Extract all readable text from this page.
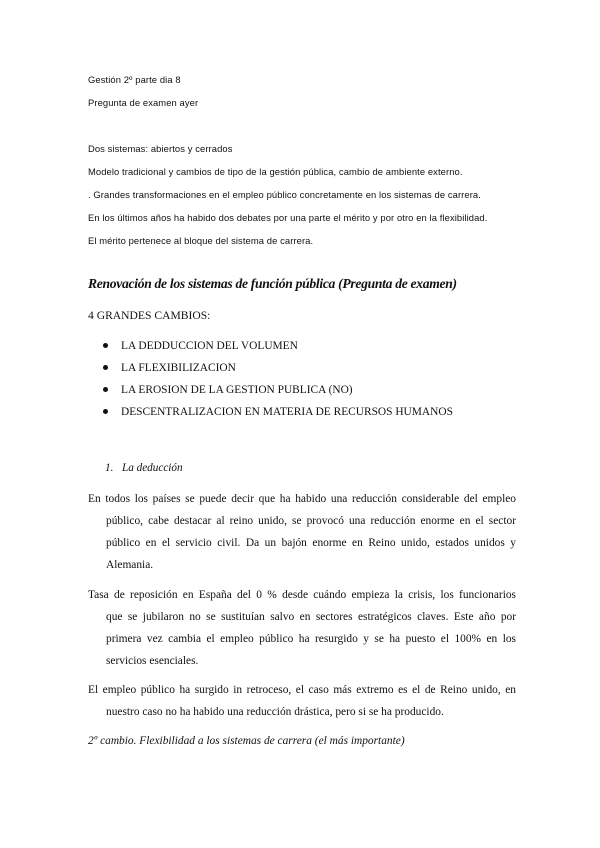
Gestión 2º parte dia 8
Pregunta de examen ayer
Dos sistemas: abiertos y cerrados
Modelo tradicional y cambios de tipo de la gestión pública, cambio de ambiente externo.
. Grandes transformaciones en el empleo público concretamente en los sistemas de carrera.
En los últimos años ha habido dos debates por una parte el mérito y por otro en la flexibilidad.
El mérito pertenece al bloque del sistema de carrera.
Renovación de los sistemas de función pública (Pregunta de examen)
4 GRANDES CAMBIOS:
LA DEDDUCCION DEL VOLUMEN
LA FLEXIBILIZACION
LA EROSION DE LA GESTION PUBLICA (NO)
DESCENTRALIZACION EN MATERIA DE RECURSOS HUMANOS
1. La deducción
En todos los países se puede decir que ha habido una reducción considerable del empleo
público, cabe destacar al reino unido, se provocó una reducción enorme en el sector
público en el servicio civil. Da un bajón enorme en Reino unido, estados unidos y
Alemania.
Tasa de reposición en España del 0 % desde cuándo empieza la crisis, los funcionarios
que se jubilaron no se sustituían salvo en sectores estratégicos claves. Este año por
primera vez cambia el empleo público ha resurgido y se ha puesto el 100% en los
servicios esenciales.
El empleo público ha surgido in retroceso, el caso más extremo es el de Reino unido, en
nuestro caso no ha habido una reducción drástica, pero si se ha producido.
2º cambio. Flexibilidad a los sistemas de carrera (el más importante)
